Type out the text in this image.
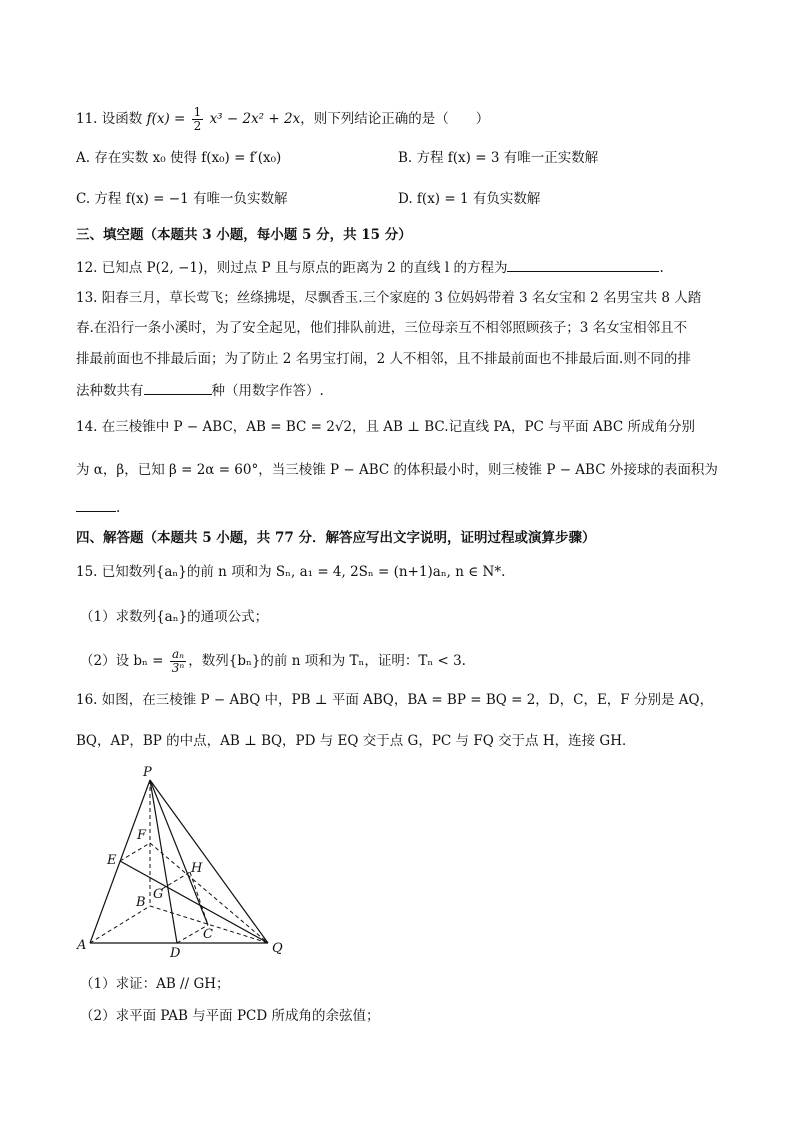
11. 设函数 $f(x) = \frac{1}{2} x^3 - 2x^2 + 2x$，则下列结论正确的是（　　）
A. 存在实数 x₀ 使得 f(x₀) = f′(x₀)	B. 方程 f(x) = 3 有唯一正实数解
C. 方程 f(x) = −1 有唯一负实数解	D. f(x) = 1 有负实数解
三、填空题（本题共 3 小题，每小题 5 分，共 15 分）
12. 已知点 P(2, −1)，则过点 P 且与原点的距离为 2 的直线 l 的方程为	.
13. 阳春三月，草长莺飞；丝绦拂堤，尽飘香玉.三个家庭的 3 位妈妈带着 3 名女宝和 2 名男宝共 8 人踏
春.在沿行一条小溪时，为了安全起见，他们排队前进，三位母亲互不相邻照顾孩子；3 名女宝相邻且不
排最前面也不排最后面；为了防止 2 名男宝打闹，2 人不相邻，且不排最前面也不排最后面.则不同的排
法种数共有	种（用数字作答）.
14. 在三棱锥中 P − ABC，AB = BC = 2√2，且 AB ⊥ BC.记直线 PA，PC 与平面 ABC 所成角分别
为 α，β，已知 β = 2α = 60°，当三棱锥 P − ABC 的体积最小时，则三棱锥 P − ABC 外接球的表面积为
.
四、解答题（本题共 5 小题，共 77 分．解答应写出文字说明，证明过程或演算步骤）
15. 已知数列{aₙ}的前 n 项和为 Sₙ, a₁ = 4, 2Sₙ = (n+1)aₙ, n ∈ N*.
（1）求数列{aₙ}的通项公式；
（2）设 $b_n = \frac{\text{aₙ}}{\text{3ⁿ}}$ ，数列{bₙ}的前 n 项和为 Tₙ，证明：Tₙ < 3.
16. 如图，在三棱锥 P − ABQ 中，PB ⊥ 平面 ABQ，BA = BP = BQ = 2，D，C，E，F 分别是 AQ，
BQ，AP，BP 的中点，AB ⊥ BQ，PD 与 EQ 交于点 G，PC 与 FQ 交于点 H，连接 GH．
P
F
E
H
G
B
C
A
D	Q
（1）求证：AB // GH；
（2）求平面 PAB 与平面 PCD 所成角的余弦值；
